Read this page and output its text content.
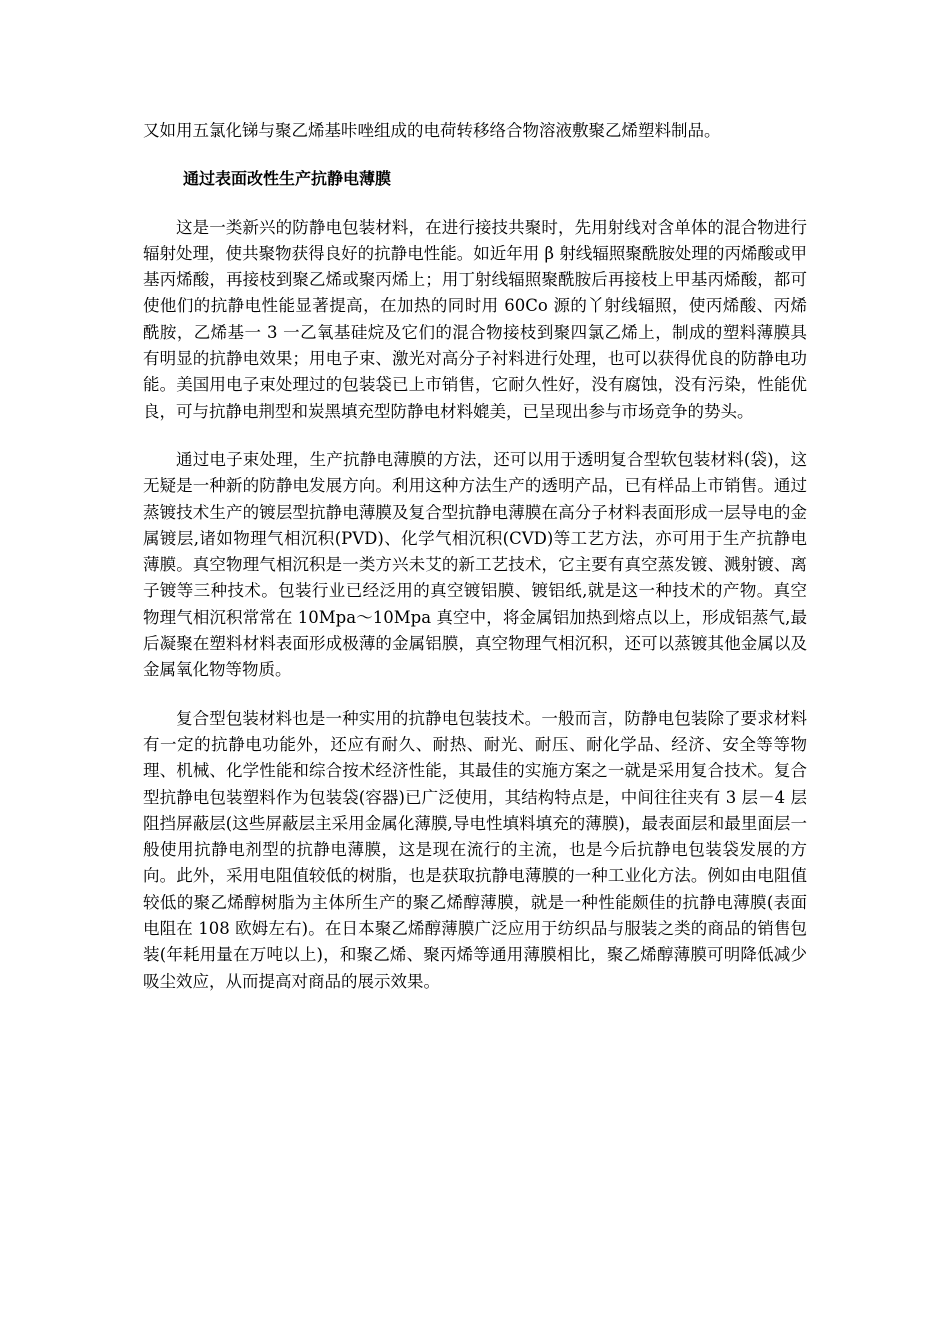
又如用五氯化锑与聚乙烯基咔唑组成的电荷转移络合物溶液敷聚乙烯塑料制品。

通过表面改性生产抗静电薄膜

这是一类新兴的防静电包装材料，在进行接技共聚时，先用射线对含单体的混合物进行辐射处理，使共聚物获得良好的抗静电性能。如近年用 β 射线辐照聚酰胺处理的丙烯酸或甲基丙烯酸，再接枝到聚乙烯或聚丙烯上；用丁射线辐照聚酰胺后再接枝上甲基丙烯酸，都可使他们的抗静电性能显著提高，在加热的同时用 60Co 源的丫射线辐照，使丙烯酸、丙烯酰胺，乙烯基一 3 一乙氧基硅烷及它们的混合物接枝到聚四氯乙烯上，制成的塑料薄膜具有明显的抗静电效果；用电子束、激光对高分子衬料进行处理，也可以获得优良的防静电功能。美国用电子束处理过的包装袋已上市销售，它耐久性好，没有腐蚀，没有污染，性能优良，可与抗静电荆型和炭黑填充型防静电材料媲美，已呈现出参与市场竞争的势头。

通过电子束处理，生产抗静电薄膜的方法，还可以用于透明复合型软包装材料(袋)，这无疑是一种新的防静电发展方向。利用这种方法生产的透明产品，已有样品上市销售。通过蒸镀技术生产的镀层型抗静电薄膜及复合型抗静电薄膜在高分子材料表面形成一层导电的金属镀层,诸如物理气相沉积(PVD)、化学气相沉积(CVD)等工艺方法，亦可用于生产抗静电薄膜。真空物理气相沉积是一类方兴未艾的新工艺技术，它主要有真空蒸发镀、溅射镀、离子镀等三种技术。包装行业已经泛用的真空镀铝膜、镀铝纸,就是这一种技术的产物。真空物理气相沉积常常在 10Mpa～10Mpa 真空中，将金属铝加热到熔点以上，形成铝蒸气,最后凝聚在塑料材料表面形成极薄的金属铝膜，真空物理气相沉积，还可以蒸镀其他金属以及金属氧化物等物质。

复合型包装材料也是一种实用的抗静电包装技术。一般而言，防静电包装除了要求材料有一定的抗静电功能外，还应有耐久、耐热、耐光、耐压、耐化学品、经济、安全等等物理、机械、化学性能和综合按术经济性能，其最佳的实施方案之一就是采用复合技术。复合型抗静电包装塑料作为包装袋(容器)已广泛使用，其结构特点是，中间往往夹有 3 层－4 层阻挡屏蔽层(这些屏蔽层主采用金属化薄膜,导电性填料填充的薄膜)，最表面层和最里面层一般使用抗静电剂型的抗静电薄膜，这是现在流行的主流，也是今后抗静电包装袋发展的方向。此外，采用电阻值较低的树脂，也是获取抗静电薄膜的一种工业化方法。例如由电阻值较低的聚乙烯醇树脂为主体所生产的聚乙烯醇薄膜，就是一种性能颇佳的抗静电薄膜(表面电阻在 108 欧姆左右)。在日本聚乙烯醇薄膜广泛应用于纺织品与服装之类的商品的销售包装(年耗用量在万吨以上)，和聚乙烯、聚丙烯等通用薄膜相比，聚乙烯醇薄膜可明降低减少吸尘效应，从而提高对商品的展示效果。
